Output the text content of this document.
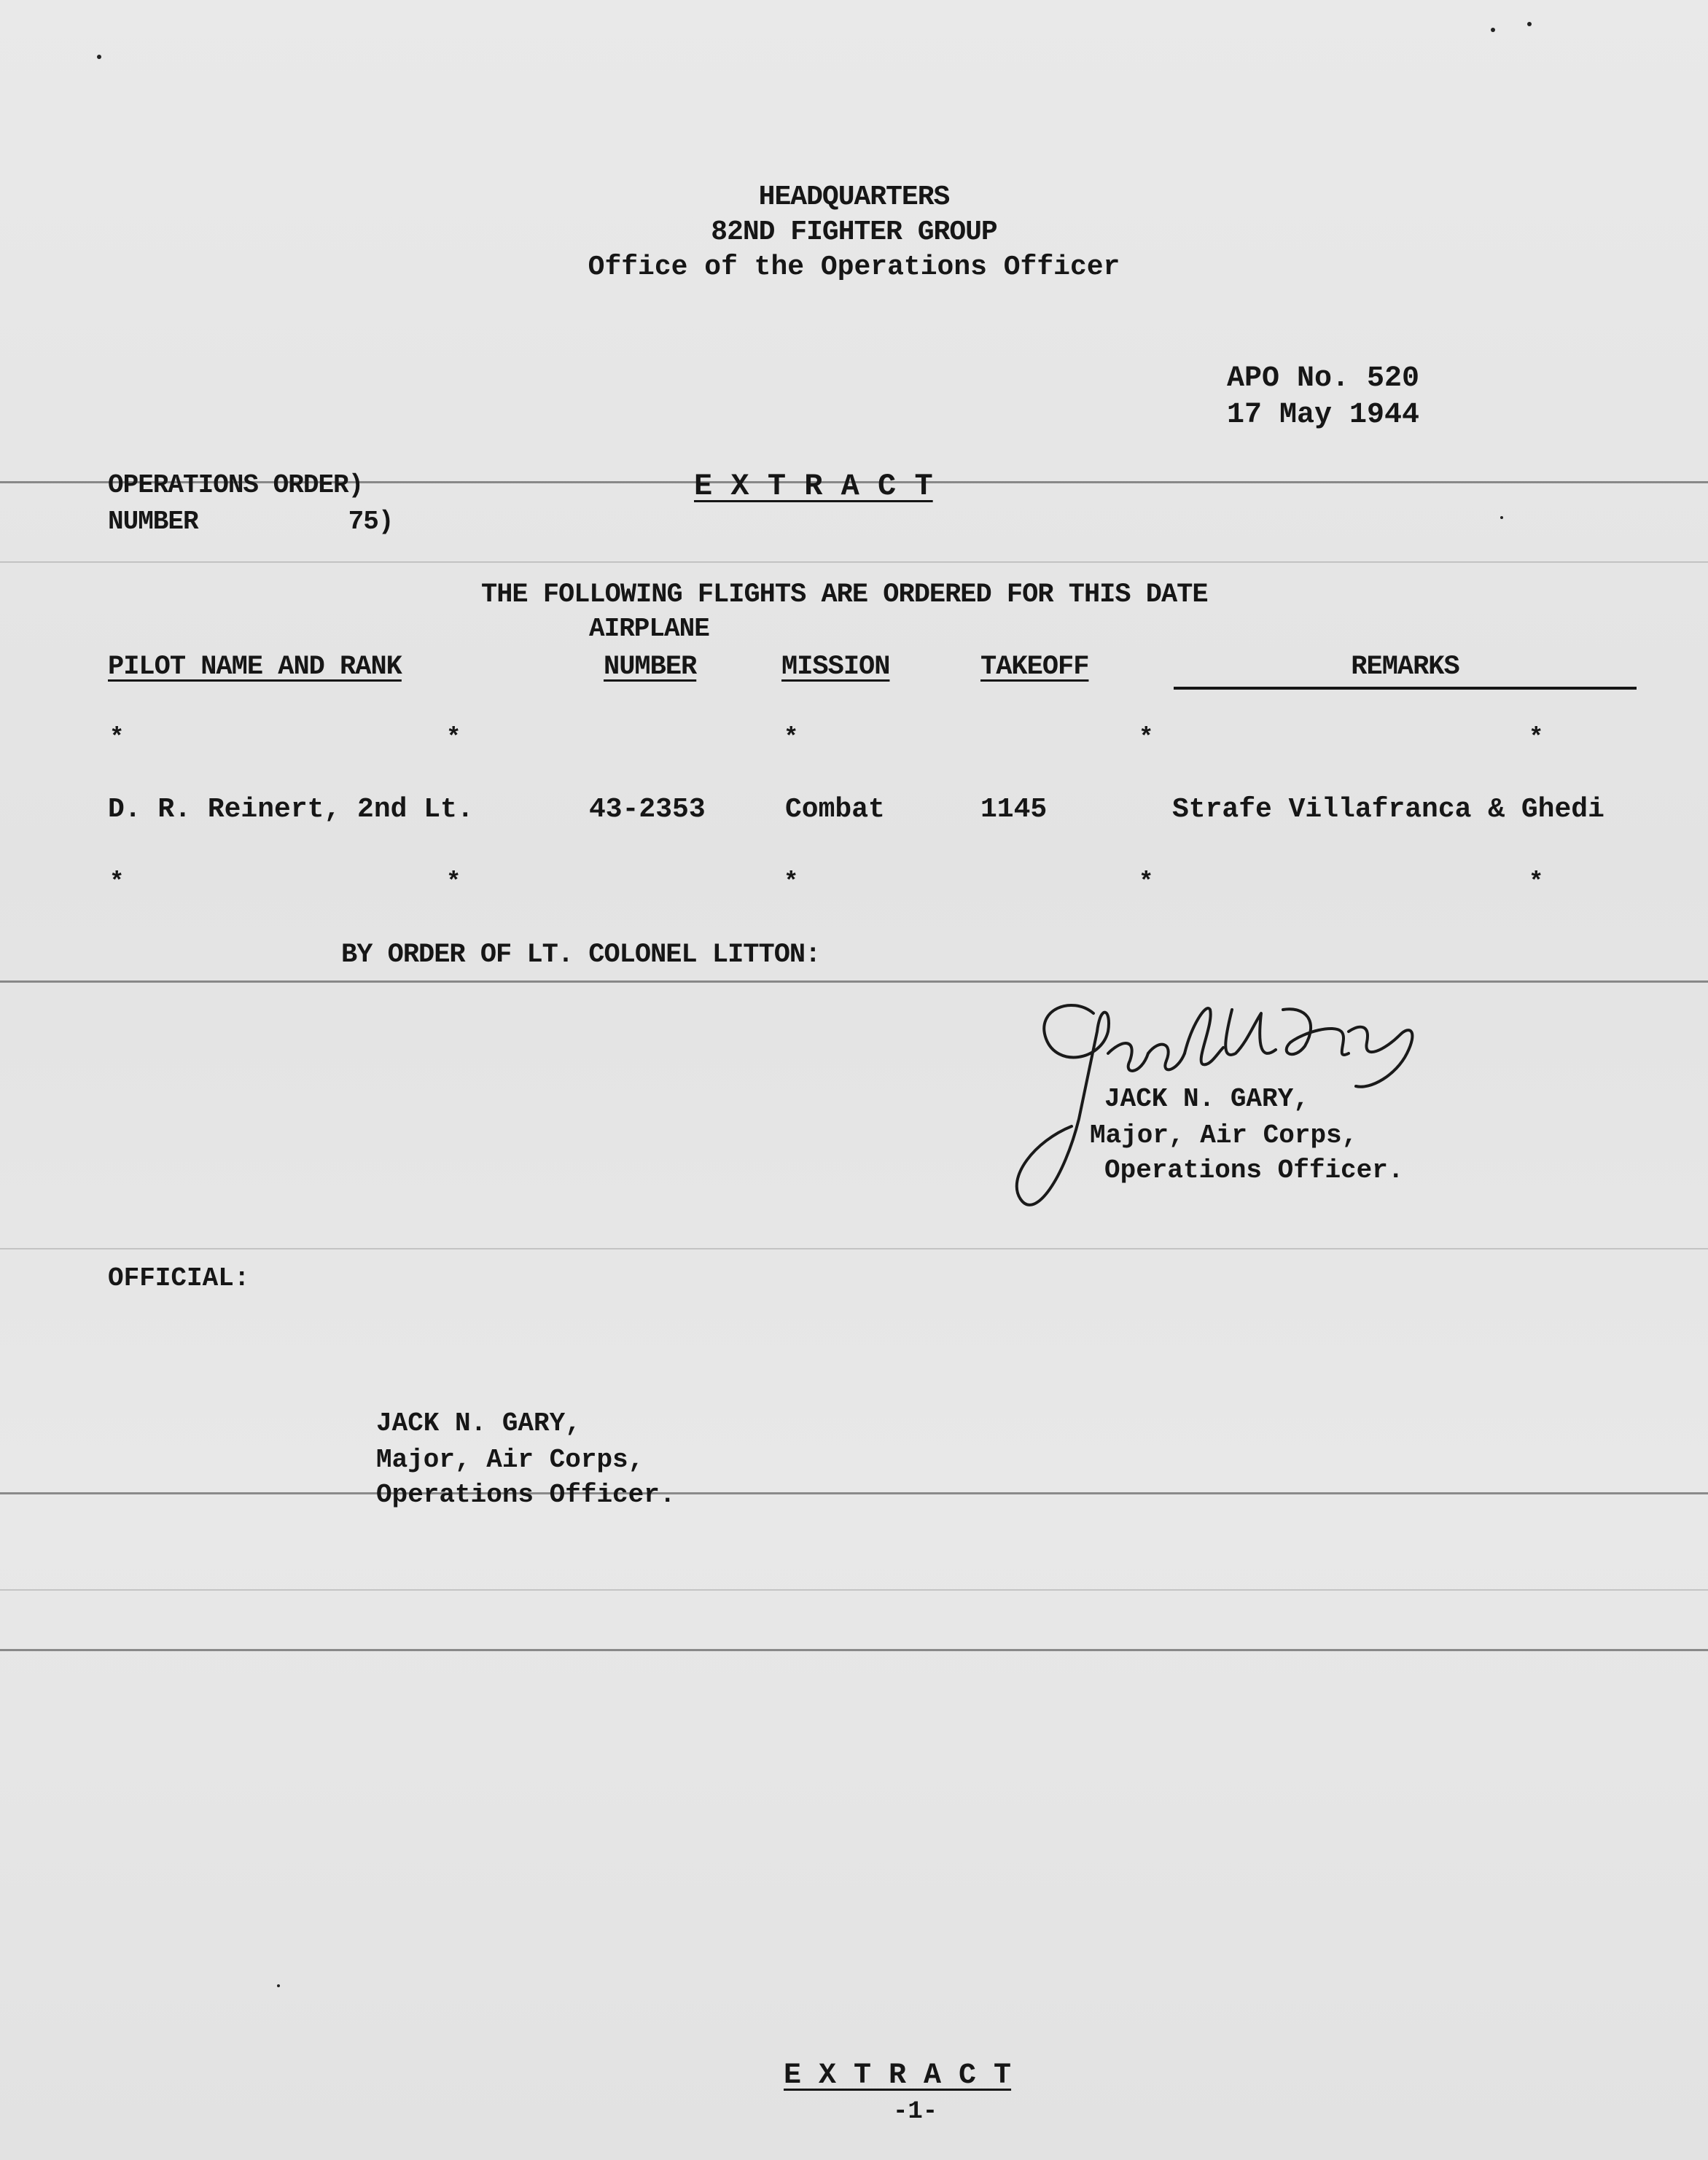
HEADQUARTERS
82ND FIGHTER GROUP
Office of the Operations Officer
APO No. 520
17 May 1944
OPERATIONS ORDER)
NUMBER          75)
E X T R A C T
THE FOLLOWING FLIGHTS ARE ORDERED FOR THIS DATE
AIRPLANE
PILOT NAME AND RANK	NUMBER	MISSION	TAKEOFF	REMARKS
*	*	*	*	*
D. R. Reinert, 2nd Lt.	43-2353	Combat	1145	Strafe Villafranca & Ghedi
*	*	*	*	*
BY ORDER OF LT. COLONEL LITTON:
JACK N. GARY,
Major, Air Corps,
Operations Officer.
OFFICIAL:
JACK N. GARY,
Major, Air Corps,
Operations Officer.
E X T R A C T
-1-
